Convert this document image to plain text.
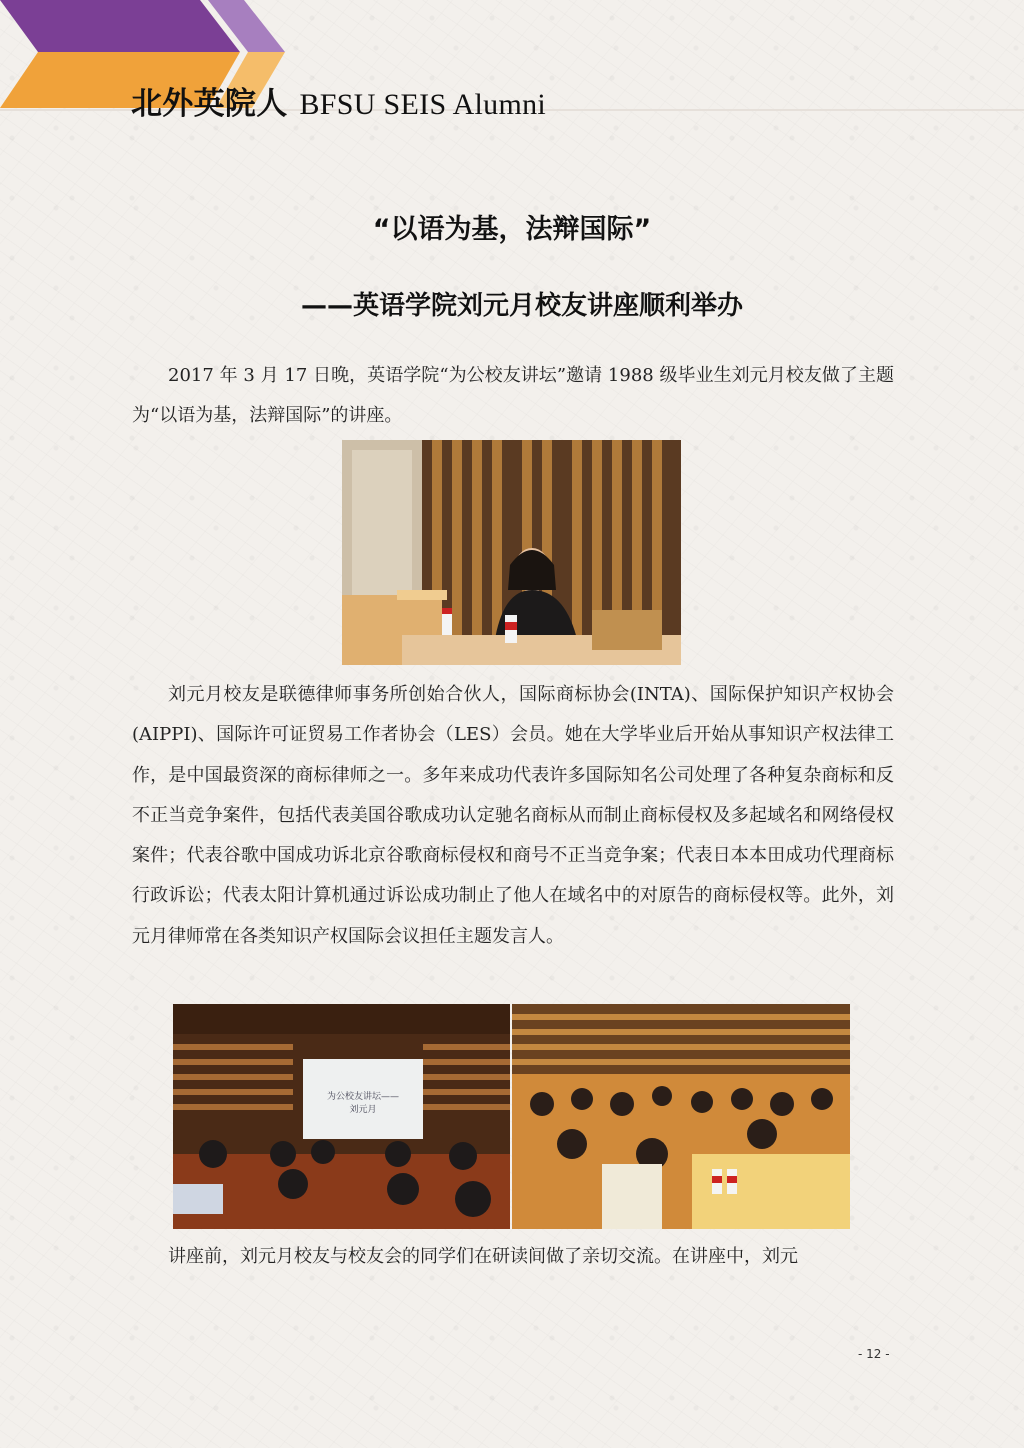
北外英院人 BFSU SEIS Alumni
“以语为基，法辩国际”
——英语学院刘元月校友讲座顺利举办

2017 年 3 月 17 日晚，英语学院“为公校友讲坛”邀请 1988 级毕业生刘元月校友做了主题为“以语为基，法辩国际”的讲座。

刘元月校友是联德律师事务所创始合伙人，国际商标协会(INTA)、国际保护知识产权协会(AIPPI)、国际许可证贸易工作者协会（LES）会员。她在大学毕业后开始从事知识产权法律工作，是中国最资深的商标律师之一。多年来成功代表许多国际知名公司处理了各种复杂商标和反不正当竞争案件，包括代表美国谷歌成功认定驰名商标从而制止商标侵权及多起域名和网络侵权案件；代表谷歌中国成功诉北京谷歌商标侵权和商号不正当竞争案；代表日本本田成功代理商标行政诉讼；代表太阳计算机通过诉讼成功制止了他人在域名中的对原告的商标侵权等。此外，刘元月律师常在各类知识产权国际会议担任主题发言人。

为公校友讲坛——
刘元月

讲座前，刘元月校友与校友会的同学们在研读间做了亲切交流。在讲座中，刘元

- 12 -
